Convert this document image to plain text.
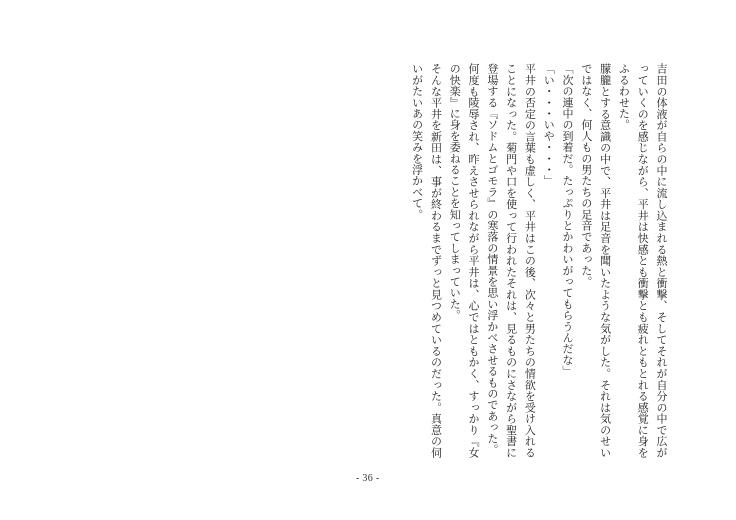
吉田の体液が自らの中に流し込まれる熱と衝撃、そしてそれが自分の中で広がっていくのを感じながら、平井は快感とも衝撃とも疲れともとれる感覚に身をふるわせた。

朦朧とする意識の中で、平井は足音を聞いたような気がした。それは気のせいではなく、何人もの男たちの足音であった。

「次の連中の到着だ。たっぷりとかわいがってもらうんだな」

「い・・・いや・・・」

平井の否定の言葉も虚しく、平井はこの後、次々と男たちの情欲を受け入れることになった。菊門や口を使って行われたそれは、見るものにさながら聖書に登場する『ソドムとゴモラ』の寒落の情景を思い浮かべさせるものであった。

何度も陵辱され、昨えさせられながら平井は、心ではともかく、すっかり『女の快楽』に身を委ねることを知ってしまっていた。

そんな平井を新田は、事が終わるまでずっと見つめているのだった。真意の伺いがたいあの笑みを浮かべて。

- 36 -
